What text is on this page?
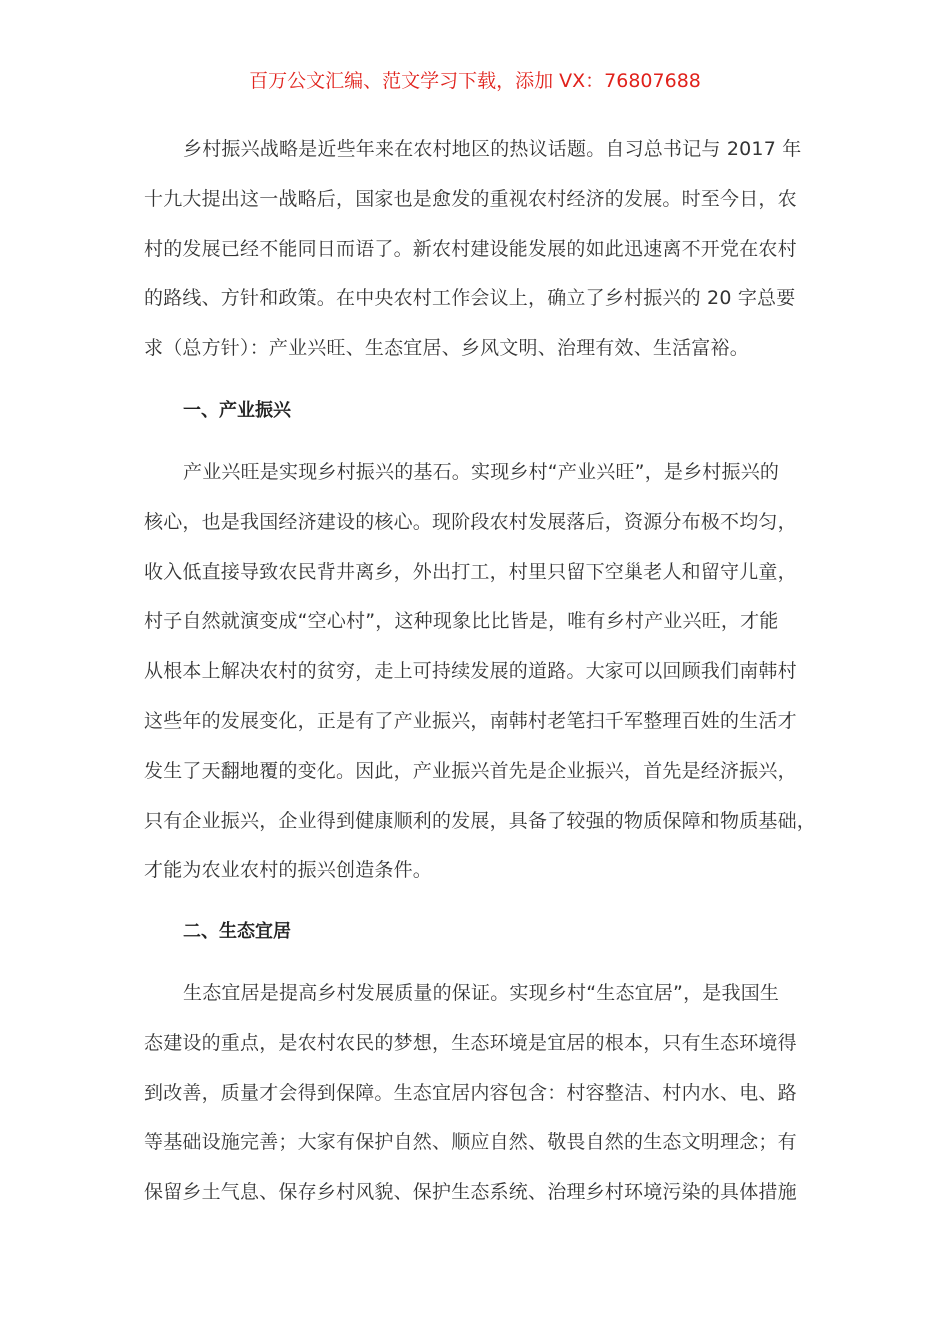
百万公文汇编、范文学习下载，添加 VX：76807688
乡村振兴战略是近些年来在农村地区的热议话题。自习总书记与 2017 年
十九大提出这一战略后，国家也是愈发的重视农村经济的发展。时至今日，农
村的发展已经不能同日而语了。新农村建设能发展的如此迅速离不开党在农村
的路线、方针和政策。在中央农村工作会议上，确立了乡村振兴的 20 字总要
求（总方针）：产业兴旺、生态宜居、乡风文明、治理有效、生活富裕。
一、产业振兴
产业兴旺是实现乡村振兴的基石。实现乡村“产业兴旺”，是乡村振兴的
核心，也是我国经济建设的核心。现阶段农村发展落后，资源分布极不均匀，
收入低直接导致农民背井离乡，外出打工，村里只留下空巢老人和留守儿童，
村子自然就演变成“空心村”，这种现象比比皆是，唯有乡村产业兴旺，才能
从根本上解决农村的贫穷，走上可持续发展的道路。大家可以回顾我们南韩村
这些年的发展变化，正是有了产业振兴，南韩村老笔扫千军整理百姓的生活才
发生了天翻地覆的变化。因此，产业振兴首先是企业振兴，首先是经济振兴，
只有企业振兴，企业得到健康顺利的发展，具备了较强的物质保障和物质基础，
才能为农业农村的振兴创造条件。
二、生态宜居
生态宜居是提高乡村发展质量的保证。实现乡村“生态宜居”，是我国生
态建设的重点，是农村农民的梦想，生态环境是宜居的根本，只有生态环境得
到改善，质量才会得到保障。生态宜居内容包含：村容整洁、村内水、电、路
等基础设施完善；大家有保护自然、顺应自然、敬畏自然的生态文明理念；有
保留乡土气息、保存乡村风貌、保护生态系统、治理乡村环境污染的具体措施
